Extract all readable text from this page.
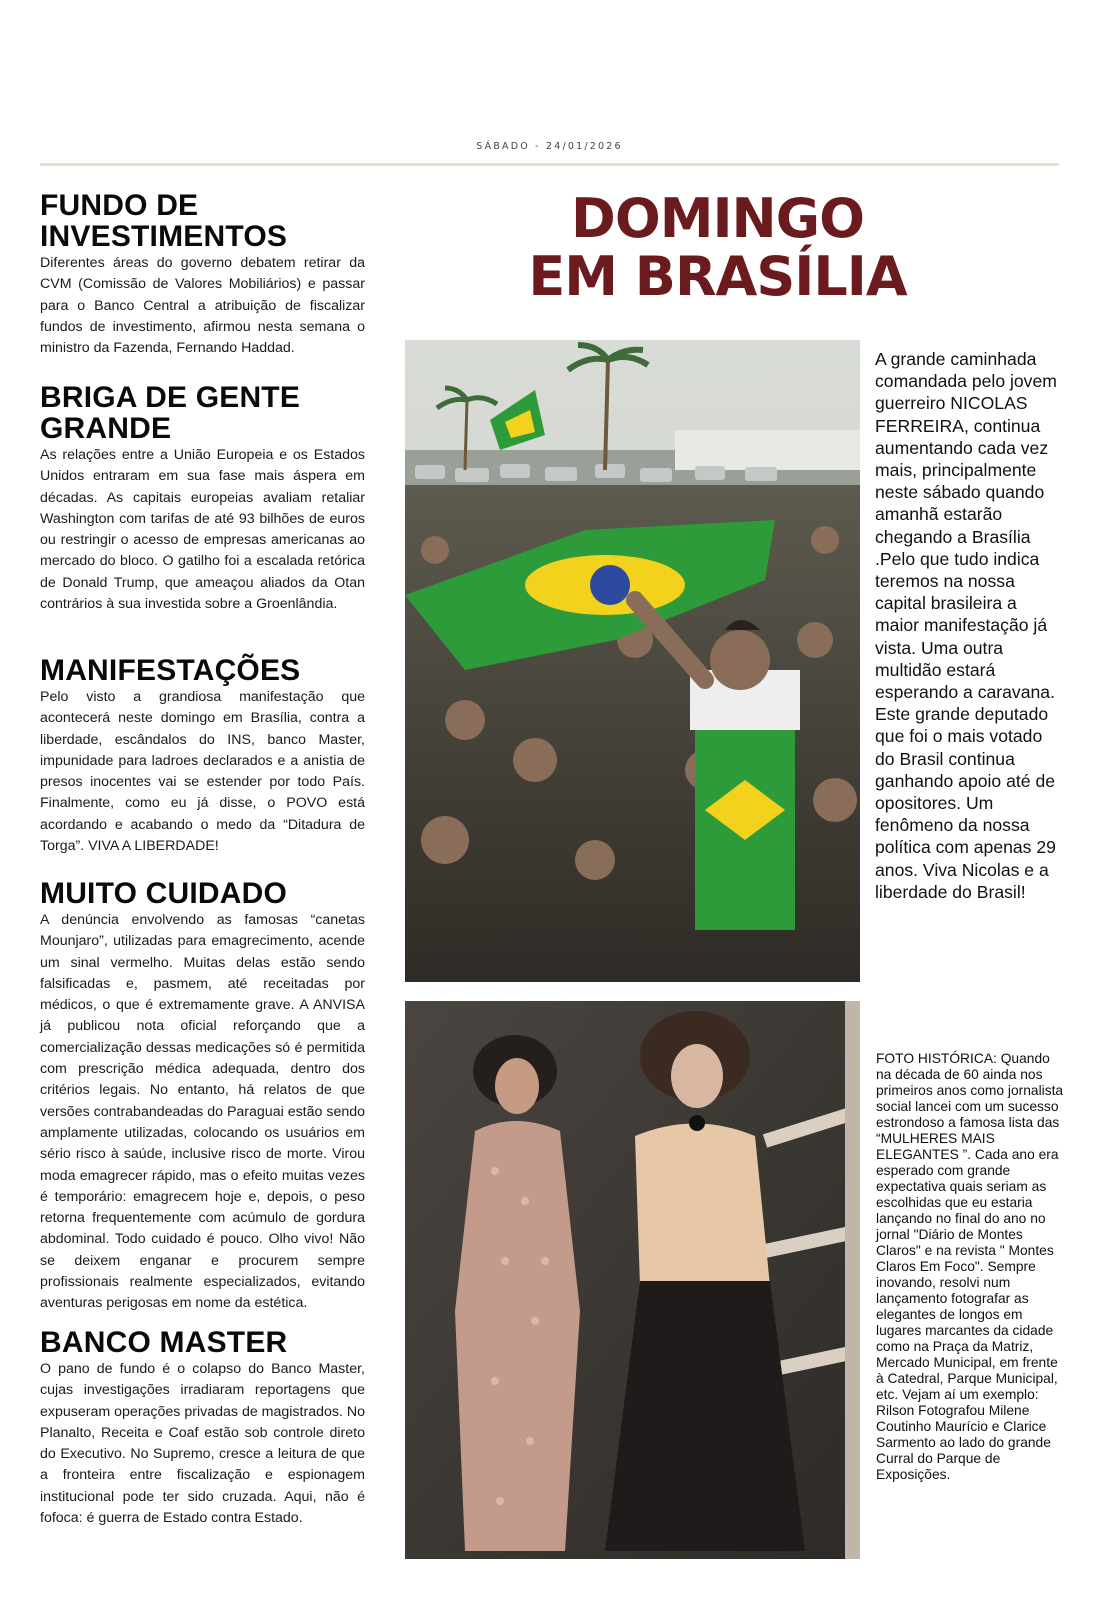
SÁBADO - 24/01/2026
FUNDO DE INVESTIMENTOS

Diferentes áreas do governo debatem retirar da CVM (Comissão de Valores Mobiliários) e passar para o Banco Central a atribuição de fiscalizar fundos de investimento, afirmou nesta semana o ministro da Fazenda, Fernando Haddad.

BRIGA DE GENTE GRANDE

As relações entre a União Europeia e os Estados Unidos entraram em sua fase mais áspera em décadas. As capitais europeias avaliam retaliar Washington com tarifas de até 93 bilhões de euros ou restringir o acesso de empresas americanas ao mercado do bloco. O gatilho foi a escalada retórica de Donald Trump, que ameaçou aliados da Otan contrários à sua investida sobre a Groenlândia.

MANIFESTAÇÕES

Pelo visto a grandiosa manifestação que acontecerá neste domingo em Brasília, contra a liberdade, escândalos do INS, banco Master, impunidade para ladroes declarados e a anistia de presos inocentes vai se estender por todo País. Finalmente, como eu já disse, o POVO está acordando e acabando o medo da “Ditadura de Torga”. VIVA A LIBERDADE!

MUITO CUIDADO

A denúncia envolvendo as famosas “canetas Mounjaro”, utilizadas para emagrecimento, acende um sinal vermelho. Muitas delas estão sendo falsificadas e, pasmem, até receitadas por médicos, o que é extremamente grave. A ANVISA já publicou nota oficial reforçando que a comercialização dessas medicações só é permitida com prescrição médica adequada, dentro dos critérios legais. No entanto, há relatos de que versões contrabandeadas do Paraguai estão sendo amplamente utilizadas, colocando os usuários em sério risco à saúde, inclusive risco de morte. Virou moda emagrecer rápido, mas o efeito muitas vezes é temporário: emagrecem hoje e, depois, o peso retorna frequentemente com acúmulo de gordura abdominal. Todo cuidado é pouco. Olho vivo! Não se deixem enganar e procurem sempre profissionais realmente especializados, evitando aventuras perigosas em nome da estética.

BANCO MASTER

O pano de fundo é o colapso do Banco Master, cujas investigações irradiaram reportagens que expuseram operações privadas de magistrados. No Planalto, Receita e Coaf estão sob controle direto do Executivo. No Supremo, cresce a leitura de que a fronteira entre fiscalização e espionagem institucional pode ter sido cruzada. Aqui, não é fofoca: é guerra de Estado contra Estado.

DOMINGO
EM BRASÍLIA
A grande caminhada comandada pelo jovem guerreiro NICOLAS FERREIRA, continua aumentando cada vez mais, principalmente neste sábado quando amanhã estarão chegando a Brasília .Pelo que tudo indica teremos na nossa capital brasileira a maior manifestação já vista. Uma outra multidão estará esperando a caravana. Este grande deputado que foi o mais votado do Brasil continua ganhando apoio até de opositores. Um fenômeno da nossa política com apenas 29 anos. Viva Nicolas e a liberdade do Brasil!
FOTO HISTÓRICA: Quando na década de 60 ainda nos primeiros anos como jornalista social lancei com um sucesso estrondoso a famosa lista das “MULHERES MAIS ELEGANTES ”. Cada ano era esperado com grande expectativa quais seriam as escolhidas que eu estaria lançando no final do ano no jornal "Diário de Montes Claros" e na revista " Montes Claros Em Foco". Sempre inovando, resolvi num lançamento fotografar as elegantes de longos em lugares marcantes da cidade como na Praça da Matriz, Mercado Municipal, em frente à Catedral, Parque Municipal, etc. Vejam aí um exemplo: Rilson Fotografou Milene Coutinho Maurício e Clarice Sarmento ao lado do grande Curral do Parque de Exposições.
